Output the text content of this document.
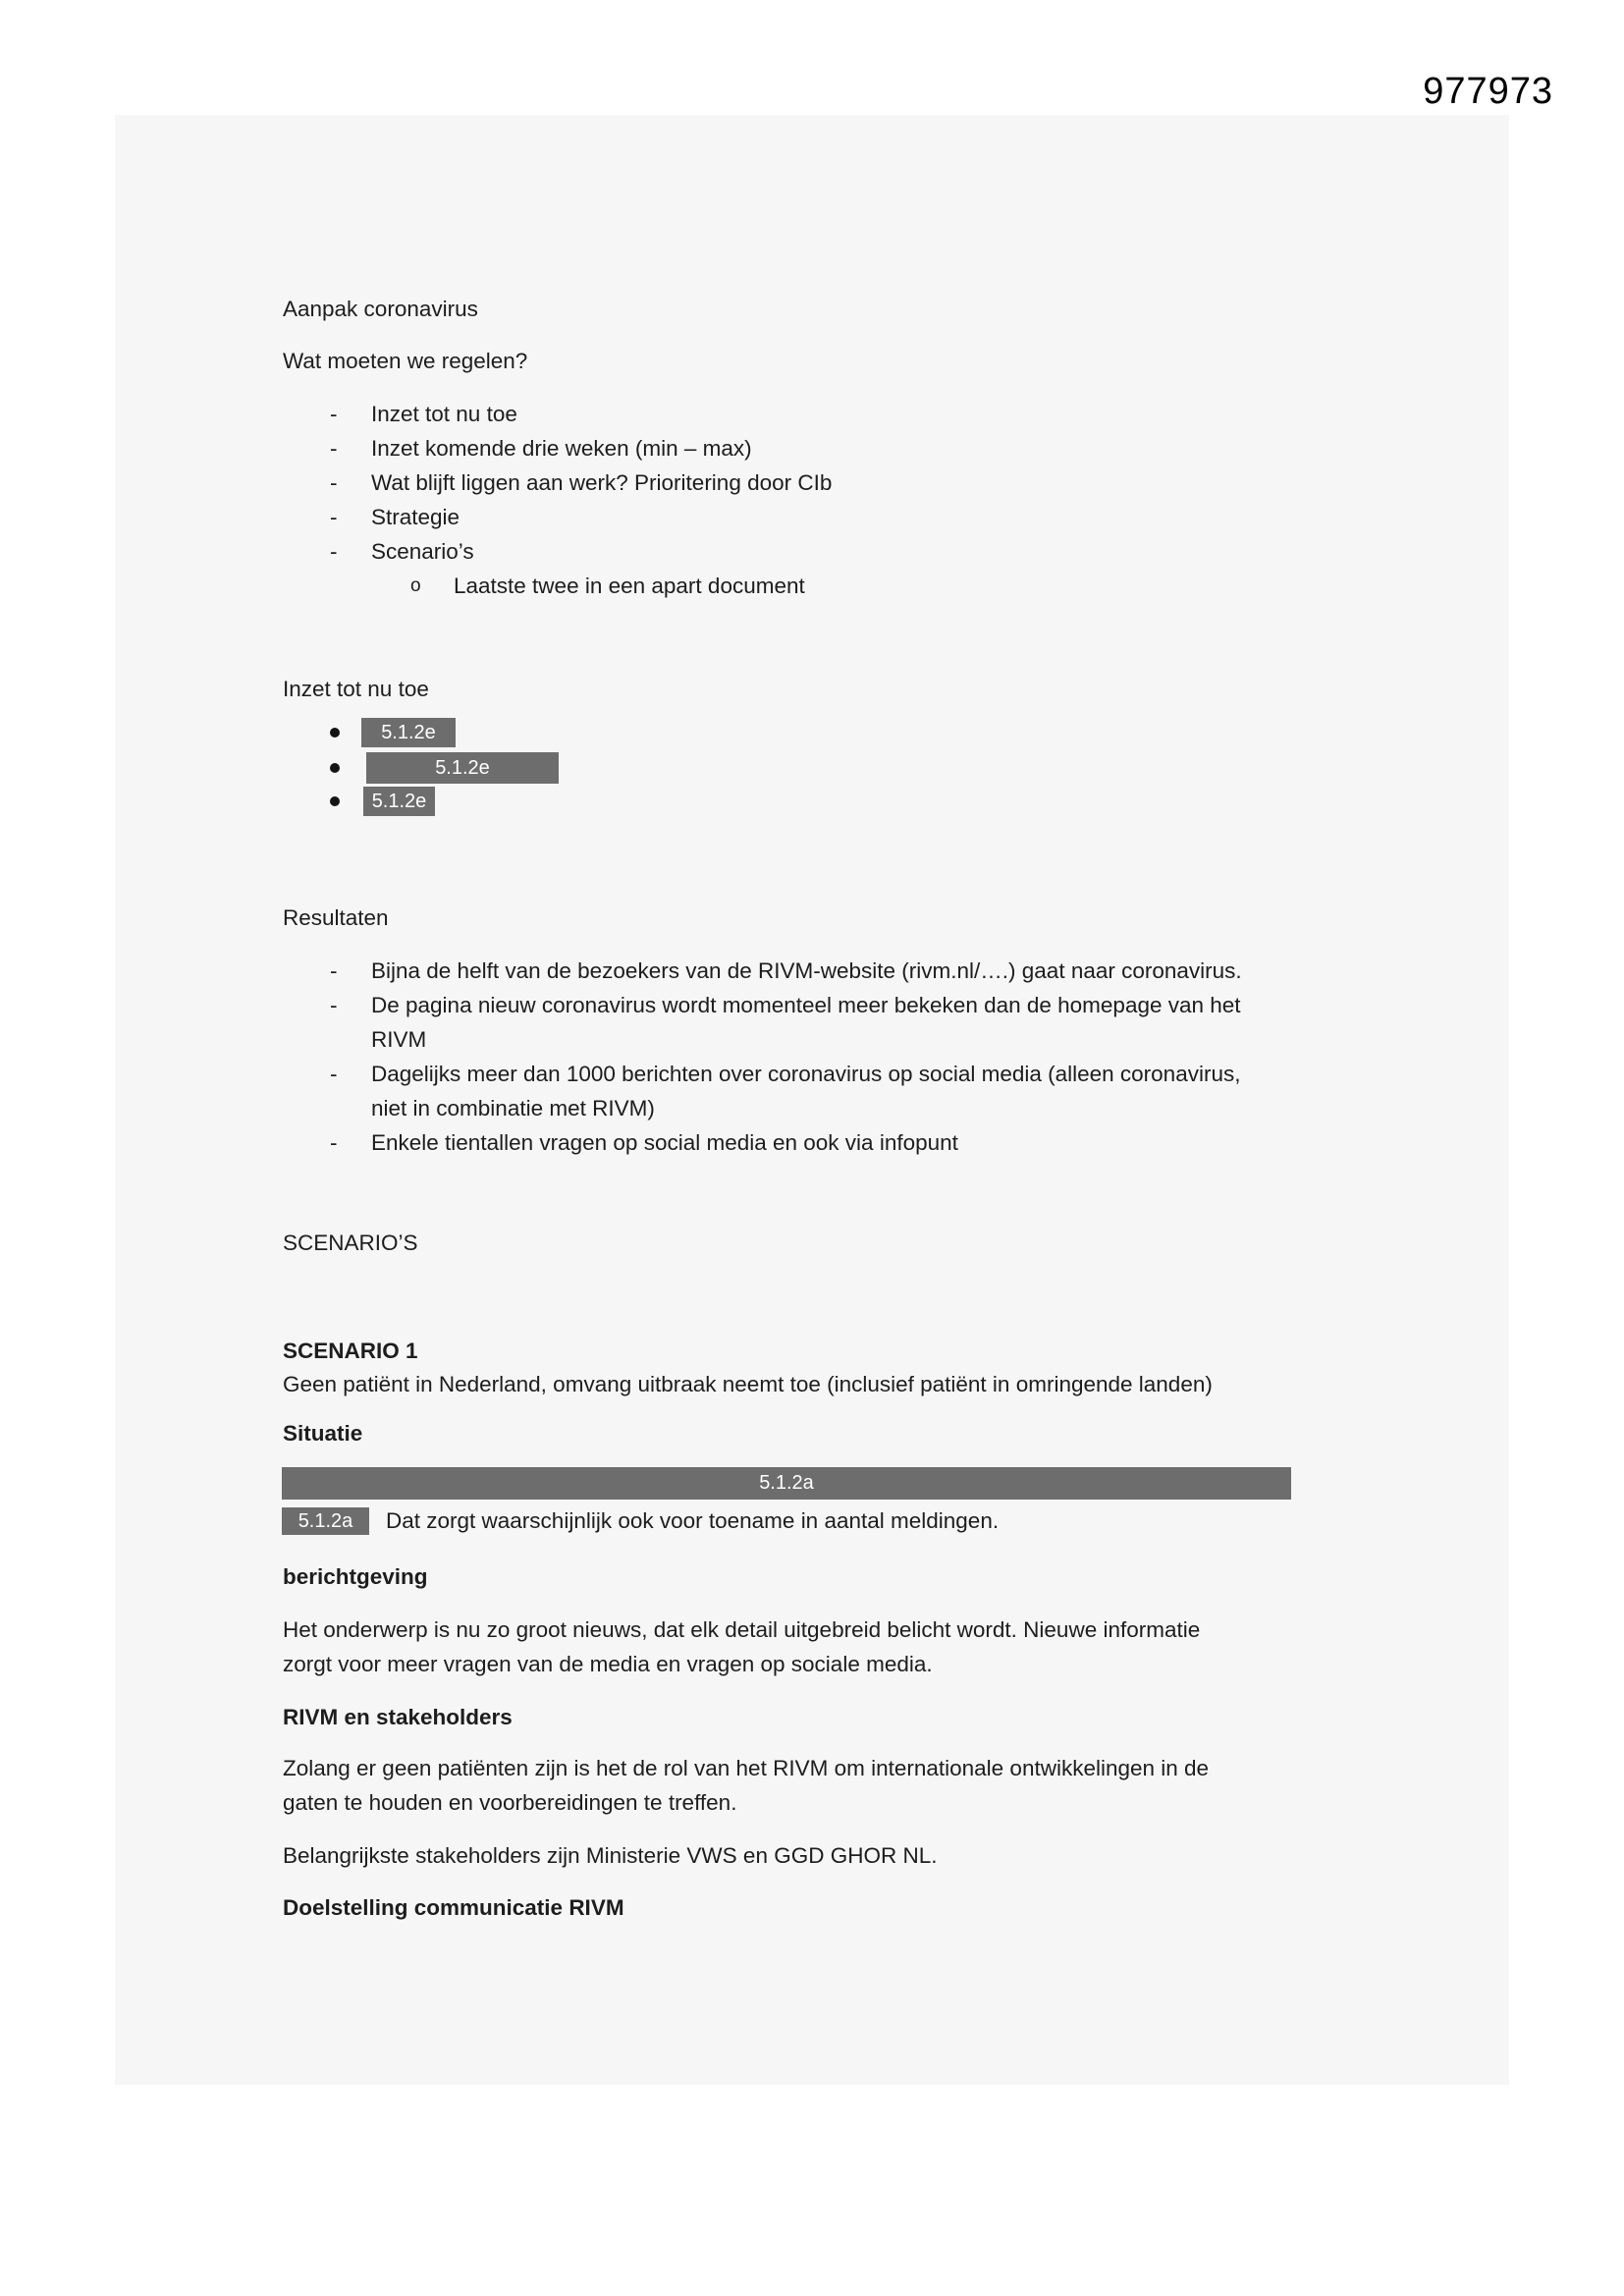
977973
Aanpak coronavirus
Wat moeten we regelen?
-	Inzet tot nu toe
-	Inzet komende drie weken (min – max)
-	Wat blijft liggen aan werk? Prioritering door CIb
-	Strategie
-	Scenario’s
o	Laatste twee in een apart document
Inzet tot nu toe
5.1.2e
5.1.2e
5.1.2e
Resultaten
-	Bijna de helft van de bezoekers van de RIVM-website (rivm.nl/….) gaat naar coronavirus.
-	De pagina nieuw coronavirus wordt momenteel meer bekeken dan de homepage van het
RIVM
-	Dagelijks meer dan 1000 berichten over coronavirus op social media (alleen coronavirus,
niet in combinatie met RIVM)
-	Enkele tientallen vragen op social media en ook via infopunt
SCENARIO’S
SCENARIO 1
Geen patiënt in Nederland, omvang uitbraak neemt toe (inclusief patiënt in omringende landen)
Situatie
5.1.2a
5.1.2a Dat zorgt waarschijnlijk ook voor toename in aantal meldingen.
berichtgeving
Het onderwerp is nu zo groot nieuws, dat elk detail uitgebreid belicht wordt. Nieuwe informatie
zorgt voor meer vragen van de media en vragen op sociale media.
RIVM en stakeholders
Zolang er geen patiënten zijn is het de rol van het RIVM om internationale ontwikkelingen in de
gaten te houden en voorbereidingen te treffen.
Belangrijkste stakeholders zijn Ministerie VWS en GGD GHOR NL.
Doelstelling communicatie RIVM
